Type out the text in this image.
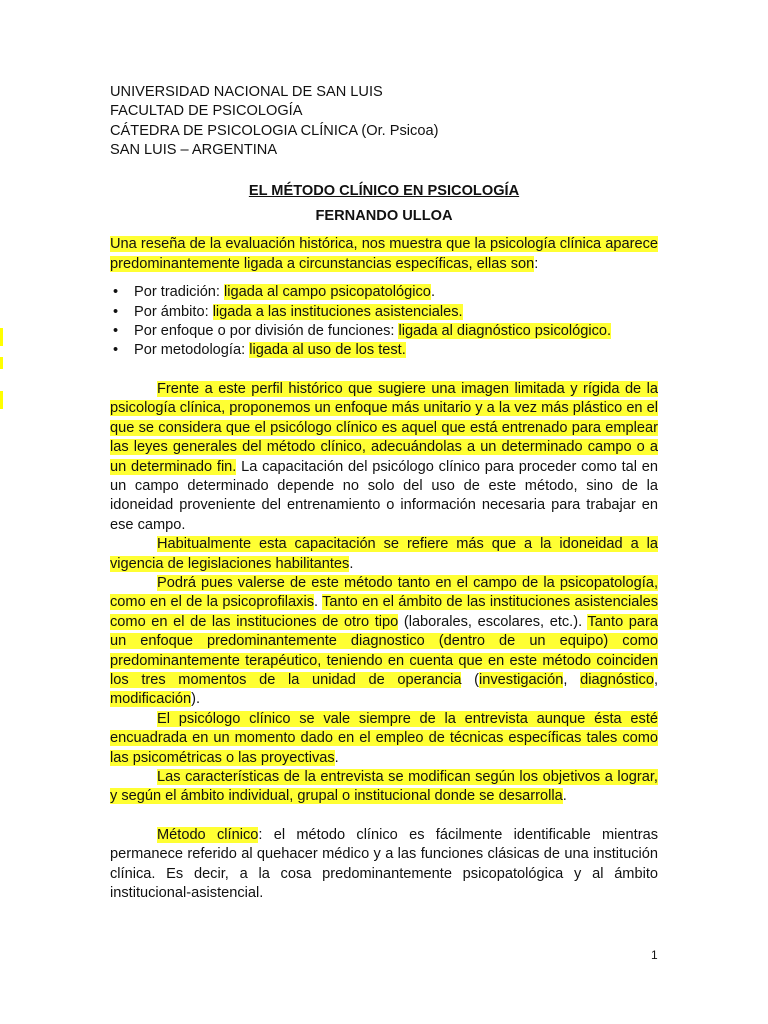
UNIVERSIDAD NACIONAL DE SAN LUIS
FACULTAD DE PSICOLOGÍA
CÁTEDRA DE PSICOLOGIA CLÍNICA (Or. Psicoa)
SAN LUIS – ARGENTINA
EL MÉTODO CLÍNICO EN PSICOLOGÍA
FERNANDO ULLOA

Una reseña de la evaluación histórica, nos muestra que la psicología clínica aparece predominantemente ligada a circunstancias específicas, ellas son:

• Por tradición: ligada al campo psicopatológico.
• Por ámbito: ligada a las instituciones asistenciales.
• Por enfoque o por división de funciones: ligada al diagnóstico psicológico.
• Por metodología: ligada al uso de los test.

Frente a este perfil histórico que sugiere una imagen limitada y rígida de la psicología clínica, proponemos un enfoque más unitario y a la vez más plástico en el que se considera que el psicólogo clínico es aquel que está entrenado para emplear las leyes generales del método clínico, adecuándolas a un determinado campo o a un determinado fin. La capacitación del psicólogo clínico para proceder como tal en un campo determinado depende no solo del uso de este método, sino de la idoneidad proveniente del entrenamiento o información necesaria para trabajar en ese campo.

Habitualmente esta capacitación se refiere más que a la idoneidad a la vigencia de legislaciones habilitantes.

Podrá pues valerse de este método tanto en el campo de la psicopatología, como en el de la psicoprofilaxis. Tanto en el ámbito de las instituciones asistenciales como en el de las instituciones de otro tipo (laborales, escolares, etc.). Tanto para un enfoque predominantemente diagnostico (dentro de un equipo) como predominantemente terapéutico, teniendo en cuenta que en este método coinciden los tres momentos de la unidad de operancia (investigación, diagnóstico, modificación).

El psicólogo clínico se vale siempre de la entrevista aunque ésta esté encuadrada en un momento dado en el empleo de técnicas específicas tales como las psicométricas o las proyectivas.

Las características de la entrevista se modifican según los objetivos a lograr, y según el ámbito individual, grupal o institucional donde se desarrolla.

Método clínico: el método clínico es fácilmente identificable mientras permanece referido al quehacer médico y a las funciones clásicas de una institución clínica. Es decir, a la cosa predominantemente psicopatológica y al ámbito institucional-asistencial.

1
